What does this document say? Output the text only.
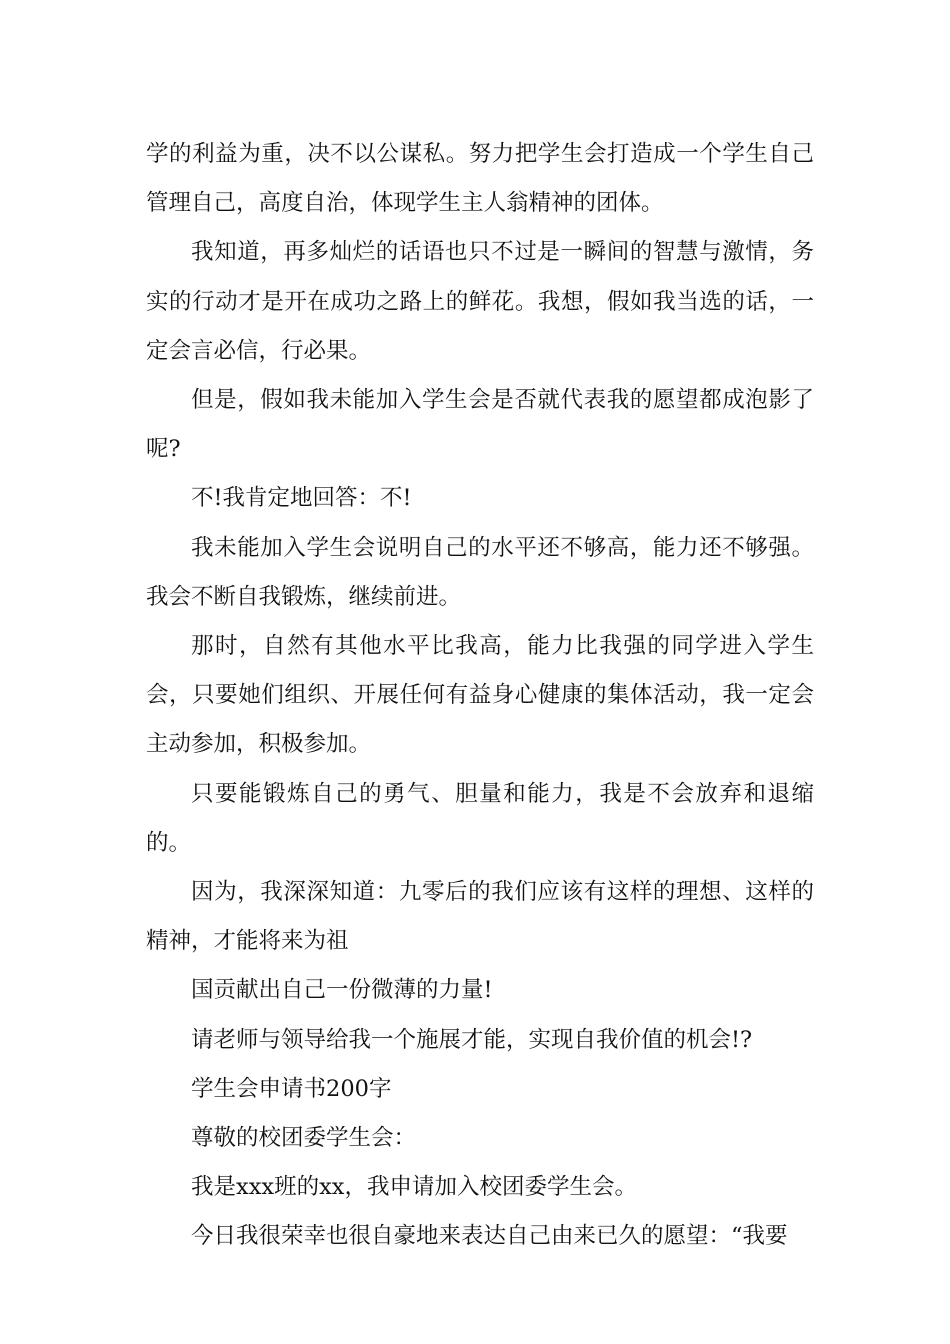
学的利益为重，决不以公谋私。努力把学生会打造成一个学生自己管理自己，高度自治，体现学生主人翁精神的团体。

我知道，再多灿烂的话语也只不过是一瞬间的智慧与激情，务实的行动才是开在成功之路上的鲜花。我想，假如我当选的话，一定会言必信，行必果。

但是，假如我未能加入学生会是否就代表我的愿望都成泡影了呢?

不!我肯定地回答：不!

我未能加入学生会说明自己的水平还不够高，能力还不够强。我会不断自我锻炼，继续前进。

那时，自然有其他水平比我高，能力比我强的同学进入学生会，只要她们组织、开展任何有益身心健康的集体活动，我一定会主动参加，积极参加。

只要能锻炼自己的勇气、胆量和能力，我是不会放弃和退缩的。

因为，我深深知道：九零后的我们应该有这样的理想、这样的精神，才能将来为祖

国贡献出自己一份微薄的力量!

请老师与领导给我一个施展才能，实现自我价值的机会!?

学生会申请书200字

尊敬的校团委学生会：

我是xxx班的xx，我申请加入校团委学生会。

今日我很荣幸也很自豪地来表达自己由来已久的愿望：“我要
